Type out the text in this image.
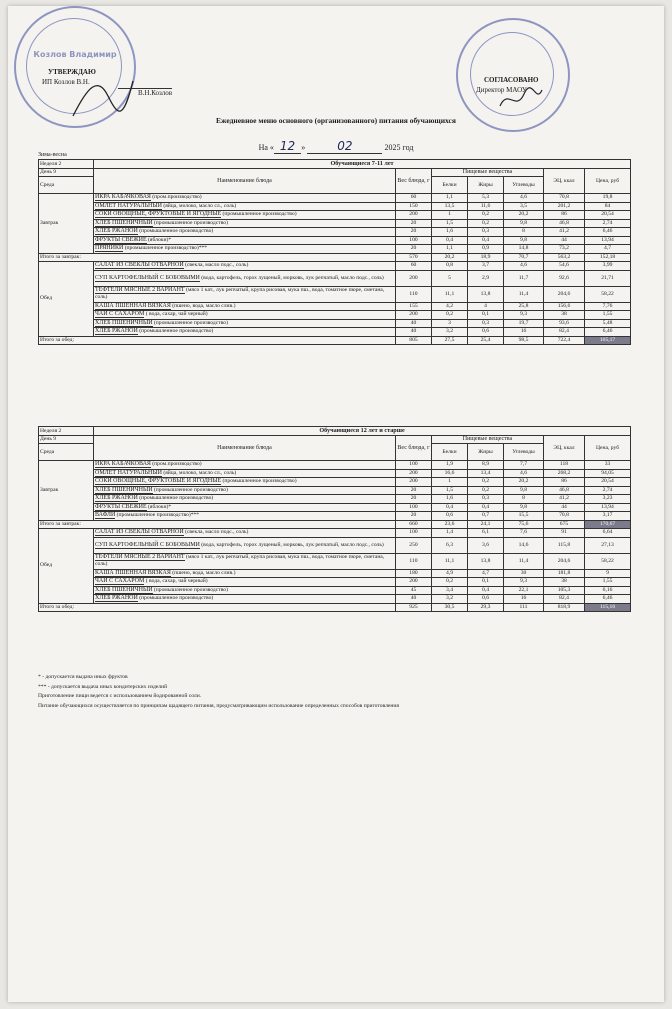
Козлов Владимир
УТВЕРЖДАЮ
ИП Козлов В.Н.
В.Н.Козлов
СОГЛАСОВАНО
Директор МАОУ
Ежедневное меню основного (организованного) питания обучающихся
На « 12 »	02	2025 год
Зима-весна
Неделя 2	Обучающиеся 7-11 лет						
День 9	Наименование блюда	Вес блюда, г	Пищевые вещества			ЭЦ, ккал	Цена, руб
Среда			Белки	Жиры	Углеводы		

Завтрак	ИКРА КАБАЧКОВАЯ (пром.производство)	60	1,1	5,3	4,6	70,8	19,8
	ОМЛЕТ НАТУРАЛЬНЫЙ (яйца, молоко, масло сл., соль)	150	13,5	11,6	3,5	201,2	84
	СОКИ ОВОЩНЫЕ, ФРУКТОВЫЕ И ЯГОДНЫЕ (промышленное производство)	200	1	0,2	20,2	86	20,54
	ХЛЕБ ПШЕНИЧНЫЙ (промышленное производство)	20	1,5	0,2	9,8	46,8	2,74
	ХЛЕБ РЖАНОЙ (промышленное производство)	20	1,6	0,3	8	41,2	6,46
	ФРУКТЫ СВЕЖИЕ (яблоки)*	100	0,4	0,4	9,8	44	13,94
	ПРЯНИКИ (промышленное производство)***	20	1,1	0,9	14,8	73,2	4,7
Итого за завтрак:		570	20,2	18,9	70,7	563,2	152,18
Обед	САЛАТ ИЗ СВЕКЛЫ ОТВАРНОЙ (свекла, масло подс., соль)	60	0,8	3,7	4,6	54,6	3,99
	СУП КАРТОФЕЛЬНЫЙ С БОБОВЫМИ (вода, картофель, горох лущеный, морковь, лук репчатый, масло подс., соль)	200	5	2,9	11,7	92,6	21,71
	ТЕФТЕЛИ МЯСНЫЕ 2 ВАРИАНТ (мясо 1 кат., лук репчатый, крупа рисовая, мука пш., вода, томатное пюре, сметана, соль)	110	11,1	13,8	11,4	204,6	58,22
	КАША ПШЕННАЯ ВЯЗКАЯ (пшено, вода, масло слив.)	155	4,2	4	25,8	156,6	7,76
	ЧАЙ С САХАРОМ ( вода, сахар, чай черный)	200	0,2	0,1	9,3	38	1,55
	ХЛЕБ ПШЕНИЧНЫЙ (промышленное производство)	40	3	0,3	19,7	93,6	5,48
	ХЛЕБ РЖАНОЙ (промышленное производство)	40	3,2	0,6	16	82,4	6,46
Итого за обед:		805	27,5	25,4	98,5	722,4	105,17
Неделя 2	Обучающиеся 12 лет и старше						
День 9	Наименование блюда	Вес блюда, г	Пищевые вещества			ЭЦ, ккал	Цена, руб
Среда			Белки	Жиры	Углеводы		

Завтрак	ИКРА КАБАЧКОВАЯ (пром.производство)	100	1,9	8,9	7,7	118	33
	ОМЛЕТ НАТУРАЛЬНЫЙ (яйца, молоко, масло сл., соль)	200	16,6	13,4	4,6	268,2	94,05
	СОКИ ОВОЩНЫЕ, ФРУКТОВЫЕ И ЯГОДНЫЕ (промышленное производство)	200	1	0,2	20,2	86	20,54
	ХЛЕБ ПШЕНИЧНЫЙ (промышленное производство)	20	1,5	0,2	9,8	46,8	2,74
	ХЛЕБ РЖАНОЙ (промышленное производство)	20	1,6	0,3	8	41,2	3,23
	ФРУКТЫ СВЕЖИЕ (яблоки)*	100	0,4	0,4	9,8	44	13,94
	ВАФЛИ (промышленное производство)***	20	0,6	0,7	15,5	70,8	3,17
Итого за завтрак:		660	23,6	24,1	75,6	675	170,67
Обед	САЛАТ ИЗ СВЕКЛЫ ОТВАРНОЙ (свекла, масло подс., соль)	100	1,4	6,1	7,6	91	6,64
	СУП КАРТОФЕЛЬНЫЙ С БОБОВЫМИ (вода, картофель, горох лущеный, морковь, лук репчатый, масло подс., соль)	250	6,3	3,6	14,6	115,8	27,13
	ТЕФТЕЛИ МЯСНЫЕ 2 ВАРИАНТ (мясо 1 кат., лук репчатый, крупа рисовая, мука пш., вода, томатное пюре, сметана, соль)	110	11,1	13,8	11,4	204,6	58,22
	КАША ПШЕННАЯ ВЯЗКАЯ (пшено, вода, масло слив.)	180	4,9	4,7	30	181,8	9
	ЧАЙ С САХАРОМ ( вода, сахар, чай черный)	200	0,2	0,1	9,3	38	1,55
	ХЛЕБ ПШЕНИЧНЫЙ (промышленное производство)	45	3,4	0,4	22,1	105,3	6,16
	ХЛЕБ РЖАНОЙ (промышленное производство)	40	3,2	0,6	16	82,4	6,46
Итого за обед:		925	30,5	29,3	111	818,9	115,16
* - допускается выдача иных фруктов
*** - допускается выдача иных кондитерских изделий
Приготовление пищи ведется с использованием йодированной соли.
Питание обучающихся осуществляется по принципам щадящего питания, предусматривающим использование определенных способов приготовления
